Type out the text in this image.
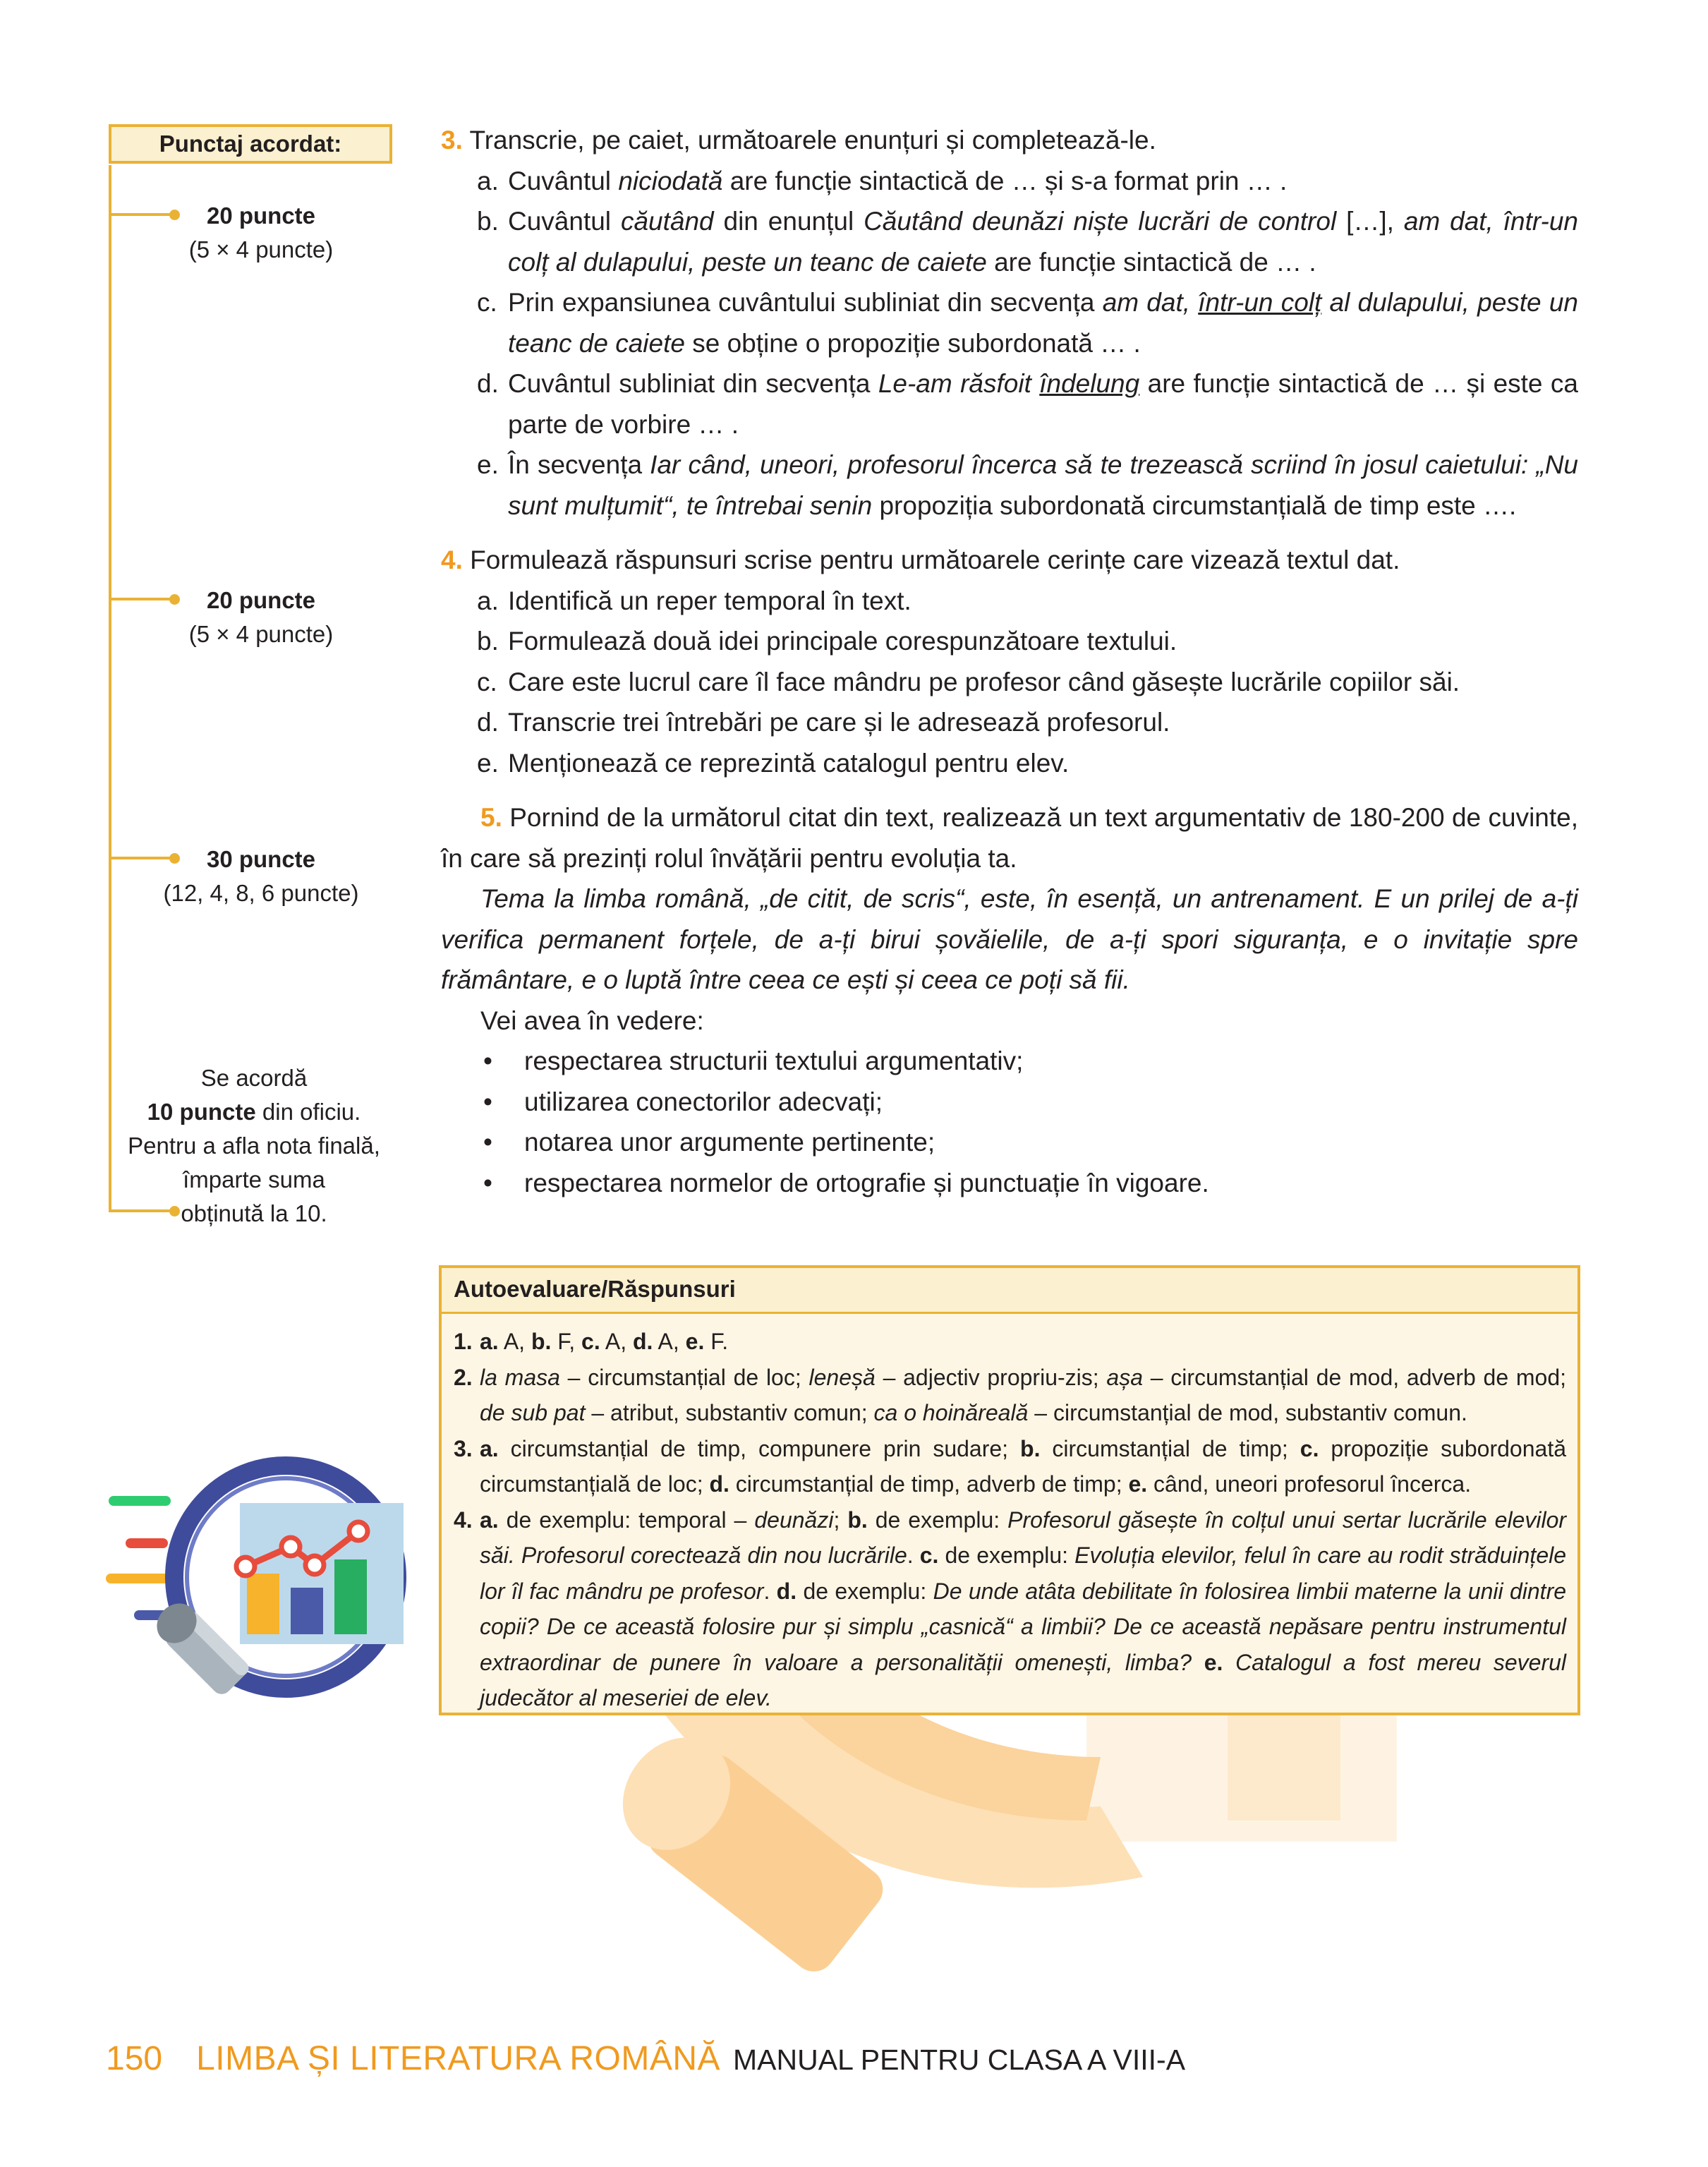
Punctaj acordat:
20 puncte
(5 × 4 puncte)
20 puncte
(5 × 4 puncte)
30 puncte
(12, 4, 8, 6 puncte)
Se acordă
10 puncte din oficiu.
Pentru a afla nota finală,
împarte suma
obținută la 10.

3. Transcrie, pe caiet, următoarele enunțuri și completează-le.

a. Cuvântul niciodată are funcție sintactică de … și s-a format prin … .
b. Cuvântul căutând din enunțul Căutând deunăzi niște lucrări de control […], am dat, într-un colț al dulapului, peste un teanc de caiete are funcție sintactică de … .
c. Prin expansiunea cuvântului subliniat din secvența am dat, într-un colț al dulapului, peste un teanc de caiete se obține o propoziție subordonată … .
d. Cuvântul subliniat din secvența Le-am răsfoit îndelung are funcție sintactică de … și este ca parte de vorbire … .
e. În secvența Iar când, uneori, profesorul încerca să te trezească scriind în josul caietului: „Nu sunt mulțumit“, te întrebai senin propoziția subordonată circumstanțială de timp este ….

4. Formulează răspunsuri scrise pentru următoarele cerințe care vizează textul dat.

a. Identifică un reper temporal în text.
b. Formulează două idei principale corespunzătoare textului.
c. Care este lucrul care îl face mândru pe profesor când găsește lucrările copiilor săi.
d. Transcrie trei întrebări pe care și le adresează profesorul.
e. Menționează ce reprezintă catalogul pentru elev.

5. Pornind de la următorul citat din text, realizează un text argumentativ de 180-200 de cuvinte, în care să prezinți rolul învățării pentru evoluția ta.

Tema la limba română, „de citit, de scris“, este, în esență, un antrenament. E un prilej de a-ți verifica permanent forțele, de a-ți birui șovăielile, de a-ți spori siguranța, e o invitație spre frământare, e o luptă între ceea ce ești și ceea ce poți să fii.

Vei avea în vedere:

•	respectarea structurii textului argumentativ;
•	utilizarea conectorilor adecvați;
•	notarea unor argumente pertinente;
•	respectarea normelor de ortografie și punctuație în vigoare.
Autoevaluare/Răspunsuri
1. a. A, b. F, c. A, d. A, e. F.
2. la masa – circumstanțial de loc; leneșă – adjectiv propriu-zis; așa – circumstanțial de mod, adverb de mod; de sub pat – atribut, substantiv comun; ca o hoinăreală – circumstanțial de mod, substantiv comun.
3. a. circumstanțial de timp, compunere prin sudare; b. circumstanțial de timp; c. propoziție subordonată circumstanțială de loc; d. circumstanțial de timp, adverb de timp; e. când, uneori profesorul încerca.
4. a. de exemplu: temporal – deunăzi; b. de exemplu: Profesorul găsește în colțul unui sertar lucrările elevilor săi. Profesorul corectează din nou lucrările. c. de exemplu: Evoluția elevilor, felul în care au rodit străduințele lor îl fac mândru pe profesor. d. de exemplu: De unde atâta debilitate în folosirea limbii materne la unii dintre copii? De ce această folosire pur și simplu „casnică“ a limbii? De ce această nepăsare pentru instrumentul extraordinar de punere în valoare a personalității omenești, limba? e. Catalogul a fost mereu severul judecător al meseriei de elev.
150 LIMBA ȘI LITERATURA ROMÂNĂ MANUAL PENTRU CLASA A VIII-A
